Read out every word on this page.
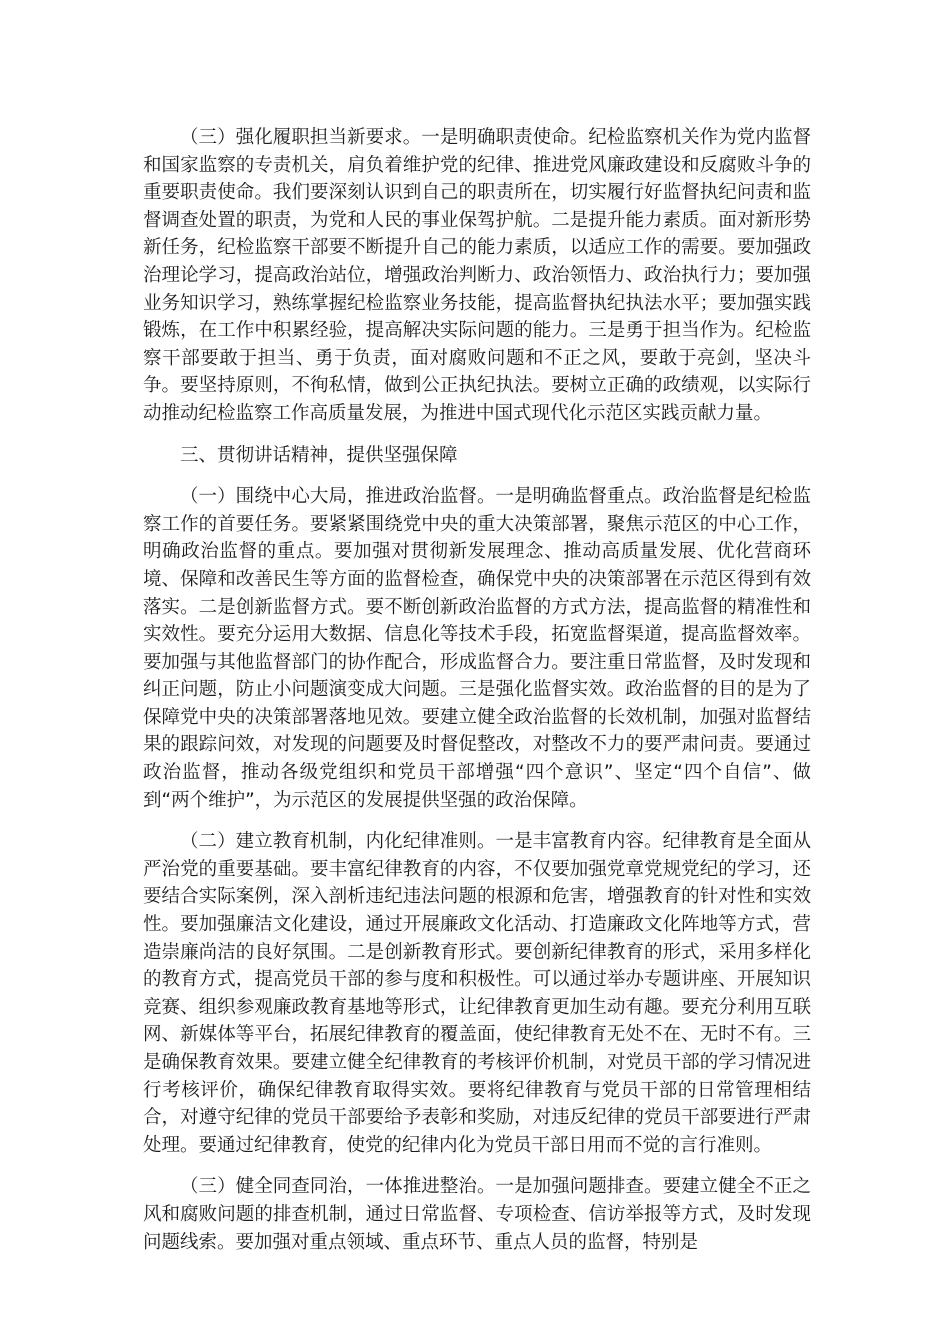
（三）强化履职担当新要求。一是明确职责使命。纪检监察机关作为党内监督和国家监察的专责机关，肩负着维护党的纪律、推进党风廉政建设和反腐败斗争的重要职责使命。我们要深刻认识到自己的职责所在，切实履行好监督执纪问责和监督调查处置的职责，为党和人民的事业保驾护航。二是提升能力素质。面对新形势新任务，纪检监察干部要不断提升自己的能力素质，以适应工作的需要。要加强政治理论学习，提高政治站位，增强政治判断力、政治领悟力、政治执行力；要加强业务知识学习，熟练掌握纪检监察业务技能，提高监督执纪执法水平；要加强实践锻炼，在工作中积累经验，提高解决实际问题的能力。三是勇于担当作为。纪检监察干部要敢于担当、勇于负责，面对腐败问题和不正之风，要敢于亮剑，坚决斗争。要坚持原则，不徇私情，做到公正执纪执法。要树立正确的政绩观，以实际行动推动纪检监察工作高质量发展，为推进中国式现代化示范区实践贡献力量。

三、贯彻讲话精神，提供坚强保障

（一）围绕中心大局，推进政治监督。一是明确监督重点。政治监督是纪检监察工作的首要任务。要紧紧围绕党中央的重大决策部署，聚焦示范区的中心工作，明确政治监督的重点。要加强对贯彻新发展理念、推动高质量发展、优化营商环境、保障和改善民生等方面的监督检查，确保党中央的决策部署在示范区得到有效落实。二是创新监督方式。要不断创新政治监督的方式方法，提高监督的精准性和实效性。要充分运用大数据、信息化等技术手段，拓宽监督渠道，提高监督效率。要加强与其他监督部门的协作配合，形成监督合力。要注重日常监督，及时发现和纠正问题，防止小问题演变成大问题。三是强化监督实效。政治监督的目的是为了保障党中央的决策部署落地见效。要建立健全政治监督的长效机制，加强对监督结果的跟踪问效，对发现的问题要及时督促整改，对整改不力的要严肃问责。要通过政治监督，推动各级党组织和党员干部增强“四个意识”、坚定“四个自信”、做到“两个维护”，为示范区的发展提供坚强的政治保障。

（二）建立教育机制，内化纪律准则。一是丰富教育内容。纪律教育是全面从严治党的重要基础。要丰富纪律教育的内容，不仅要加强党章党规党纪的学习，还要结合实际案例，深入剖析违纪违法问题的根源和危害，增强教育的针对性和实效性。要加强廉洁文化建设，通过开展廉政文化活动、打造廉政文化阵地等方式，营造崇廉尚洁的良好氛围。二是创新教育形式。要创新纪律教育的形式，采用多样化的教育方式，提高党员干部的参与度和积极性。可以通过举办专题讲座、开展知识竞赛、组织参观廉政教育基地等形式，让纪律教育更加生动有趣。要充分利用互联网、新媒体等平台，拓展纪律教育的覆盖面，使纪律教育无处不在、无时不有。三是确保教育效果。要建立健全纪律教育的考核评价机制，对党员干部的学习情况进行考核评价，确保纪律教育取得实效。要将纪律教育与党员干部的日常管理相结合，对遵守纪律的党员干部要给予表彰和奖励，对违反纪律的党员干部要进行严肃处理。要通过纪律教育，使党的纪律内化为党员干部日用而不觉的言行准则。

（三）健全同查同治，一体推进整治。一是加强问题排查。要建立健全不正之风和腐败问题的排查机制，通过日常监督、专项检查、信访举报等方式，及时发现问题线索。要加强对重点领域、重点环节、重点人员的监督，特别是
